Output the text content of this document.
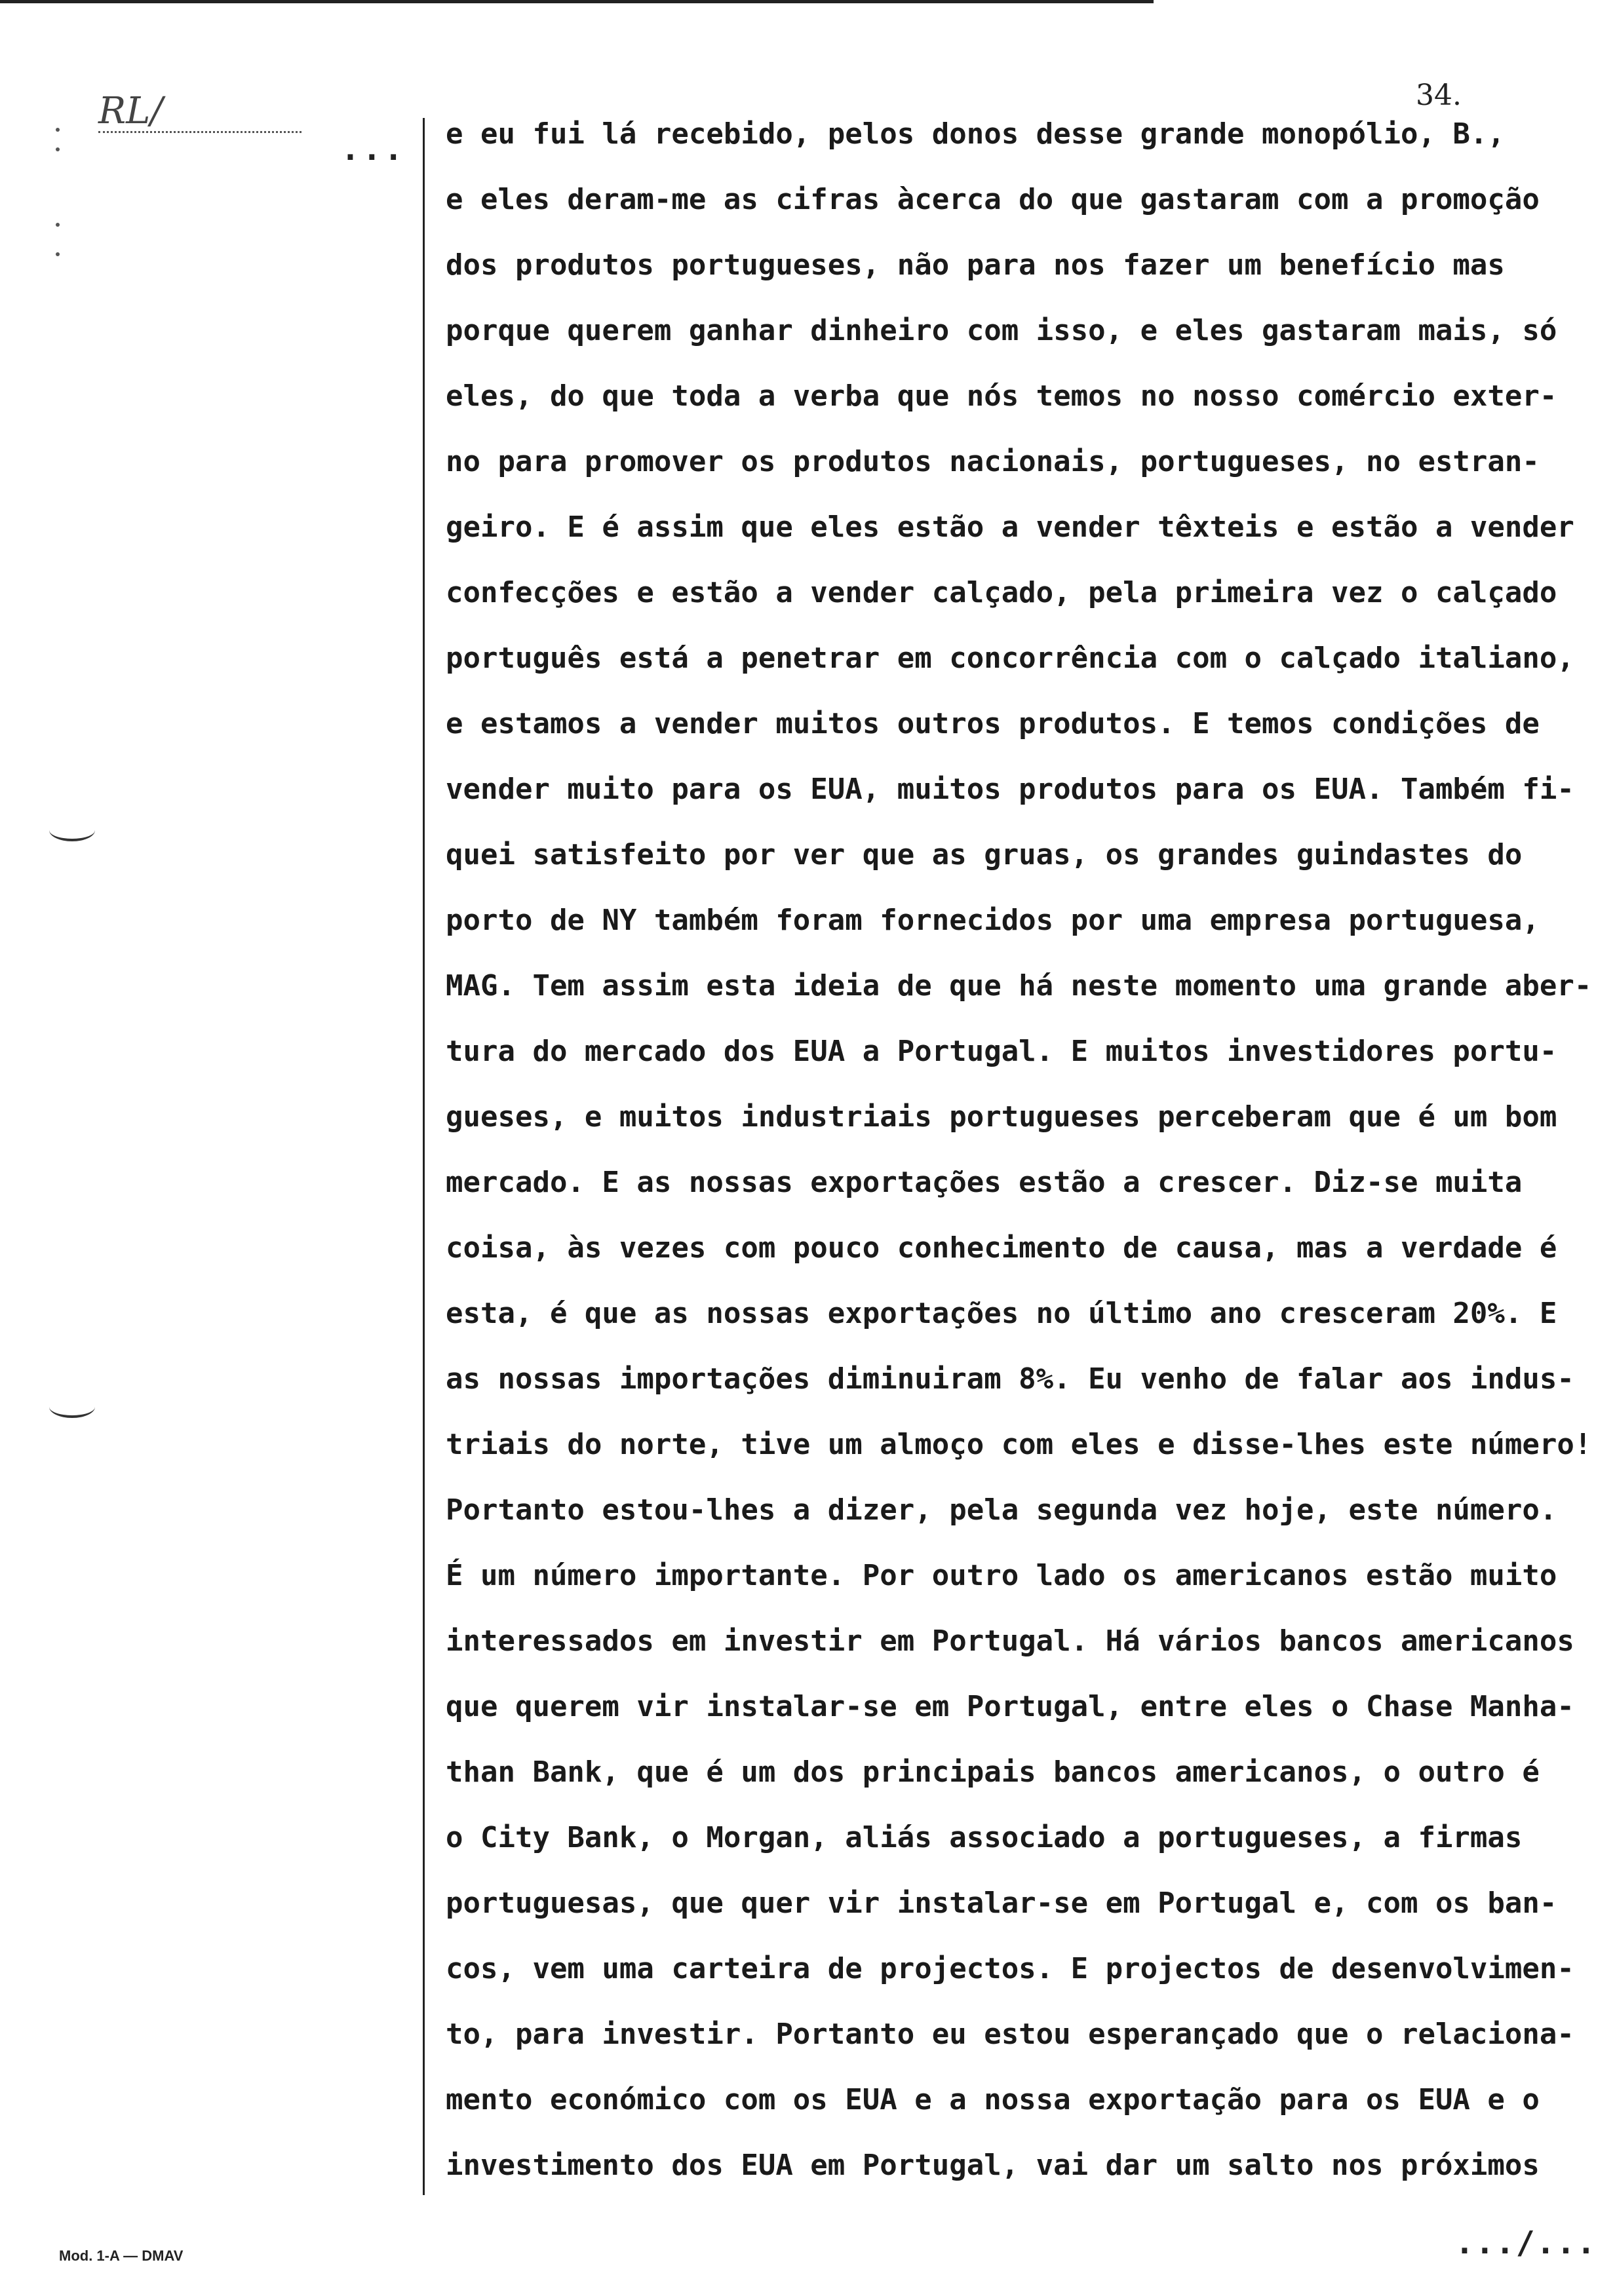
RL/
...
34.
e eu fui lá recebido, pelos donos desse grande monopólio, B.,
e eles deram-me as cifras àcerca do que gastaram com a promoção
dos produtos portugueses, não para nos fazer um benefício mas
porque querem ganhar dinheiro com isso, e eles gastaram mais, só
eles, do que toda a verba que nós temos no nosso comércio exter-
no para promover os produtos nacionais, portugueses, no estran-
geiro. E é assim que eles estão a vender têxteis e estão a vender
confecções e estão a vender calçado, pela primeira vez o calçado
português está a penetrar em concorrência com o calçado italiano,
e estamos a vender muitos outros produtos. E temos condições de
vender muito para os EUA, muitos produtos para os EUA. Também fi-
quei satisfeito por ver que as gruas, os grandes guindastes do
porto de NY também foram fornecidos por uma empresa portuguesa,
MAG. Tem assim esta ideia de que há neste momento uma grande aber-
tura do mercado dos EUA a Portugal. E muitos investidores portu-
gueses, e muitos industriais portugueses perceberam que é um bom
mercado. E as nossas exportações estão a crescer. Diz-se muita
coisa, às vezes com pouco conhecimento de causa, mas a verdade é
esta, é que as nossas exportações no último ano cresceram 20%. E
as nossas importações diminuiram 8%. Eu venho de falar aos indus-
triais do norte, tive um almoço com eles e disse-lhes este número!
Portanto estou-lhes a dizer, pela segunda vez hoje, este número.
É um número importante. Por outro lado os americanos estão muito
interessados em investir em Portugal. Há vários bancos americanos
que querem vir instalar-se em Portugal, entre eles o Chase Manha-
than Bank, que é um dos principais bancos americanos, o outro é
o City Bank, o Morgan, aliás associado a portugueses, a firmas
portuguesas, que quer vir instalar-se em Portugal e, com os ban-
cos, vem uma carteira de projectos. E projectos de desenvolvimen-
to, para investir. Portanto eu estou esperançado que o relaciona-
mento económico com os EUA e a nossa exportação para os EUA e o
investimento dos EUA em Portugal, vai dar um salto nos próximos
Mod. 1-A — DMAV	.../...
